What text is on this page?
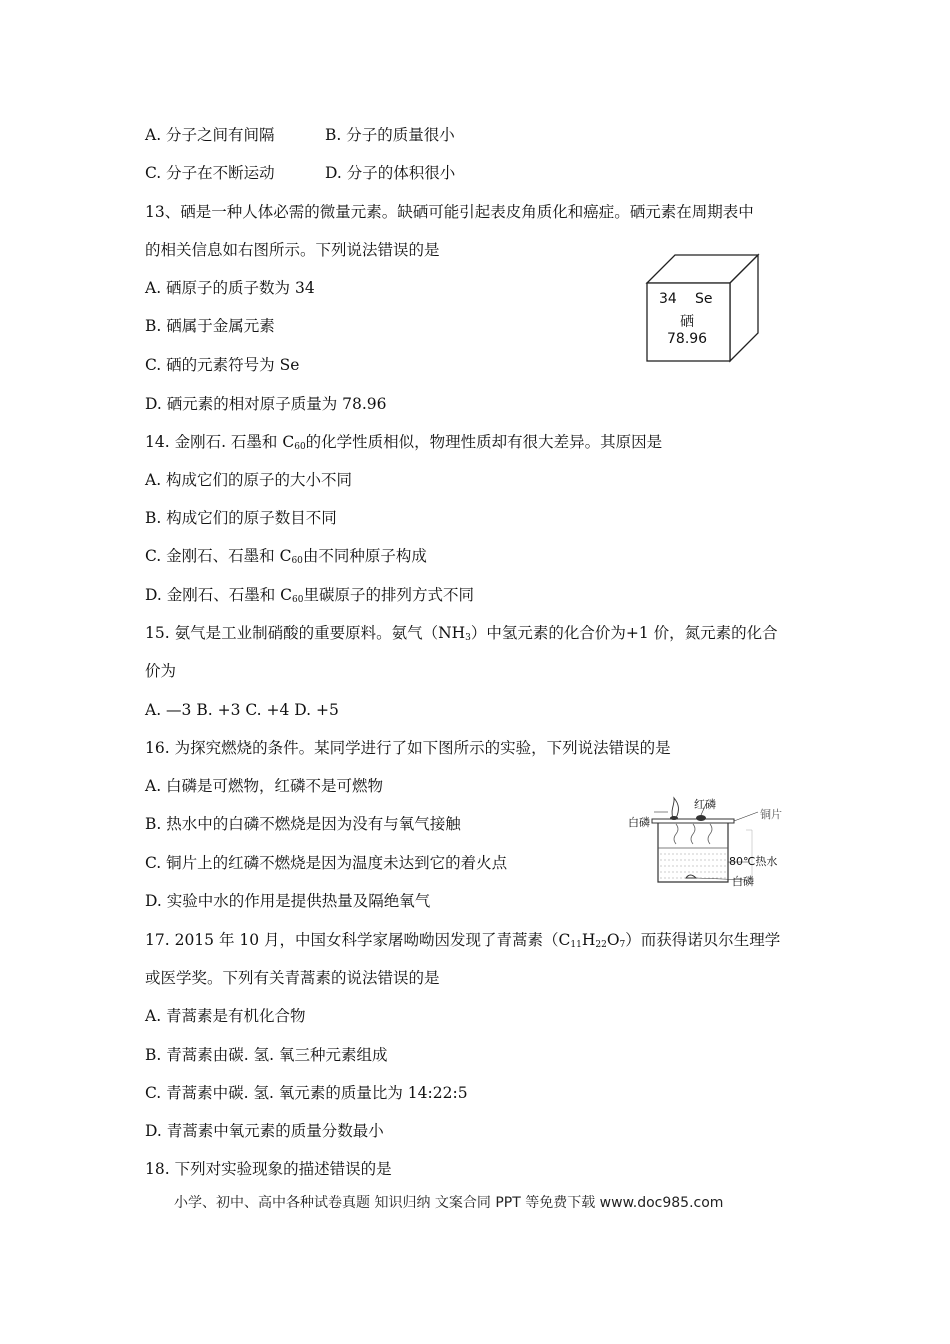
A. 分子之间有间隔	B. 分子的质量很小
C. 分子在不断运动	D. 分子的体积很小
13、硒是一种人体必需的微量元素。缺硒可能引起表皮角质化和癌症。硒元素在周期表中
的相关信息如右图所示。下列说法错误的是
A. 硒原子的质子数为 34
B. 硒属于金属元素
C. 硒的元素符号为 Se
D. 硒元素的相对原子质量为 78.96
34 Se
硒
78.96
14. 金刚石. 石墨和 $C_{60}$的化学性质相似，物理性质却有很大差异。其原因是
A. 构成它们的原子的大小不同
B. 构成它们的原子数目不同
C. 金刚石、石墨和 $C_{60}$由不同种原子构成
D. 金刚石、石墨和 $C_{60}$里碳原子的排列方式不同
15. 氨气是工业制硝酸的重要原料。氨气$(NH_3)$中氢元素的化合价为+1 价，氮元素的化合
价为
A. —3 B. +3 C. +4 D. +5
16. 为探究燃烧的条件。某同学进行了如下图所示的实验，下列说法错误的是
A. 白磷是可燃物，红磷不是可燃物
B. 热水中的白磷不燃烧是因为没有与氧气接触
C. 铜片上的红磷不燃烧是因为温度未达到它的着火点
D. 实验中水的作用是提供热量及隔绝氧气
白磷
红磷
铜片
80℃热水
白磷
17. 2015 年 10 月，中国女科学家屠呦呦因发现了青蒿素$(C_{11}H_{22}O_7)$而获得诺贝尔生理学
或医学奖。下列有关青蒿素的说法错误的是
A. 青蒿素是有机化合物
B. 青蒿素由碳. 氢. 氧三种元素组成
C. 青蒿素中碳. 氢. 氧元素的质量比为 14:22:5
D. 青蒿素中氧元素的质量分数最小
18. 下列对实验现象的描述错误的是
小学、初中、高中各种试卷真题 知识归纳 文案合同 PPT 等免费下载 www.doc985.com
